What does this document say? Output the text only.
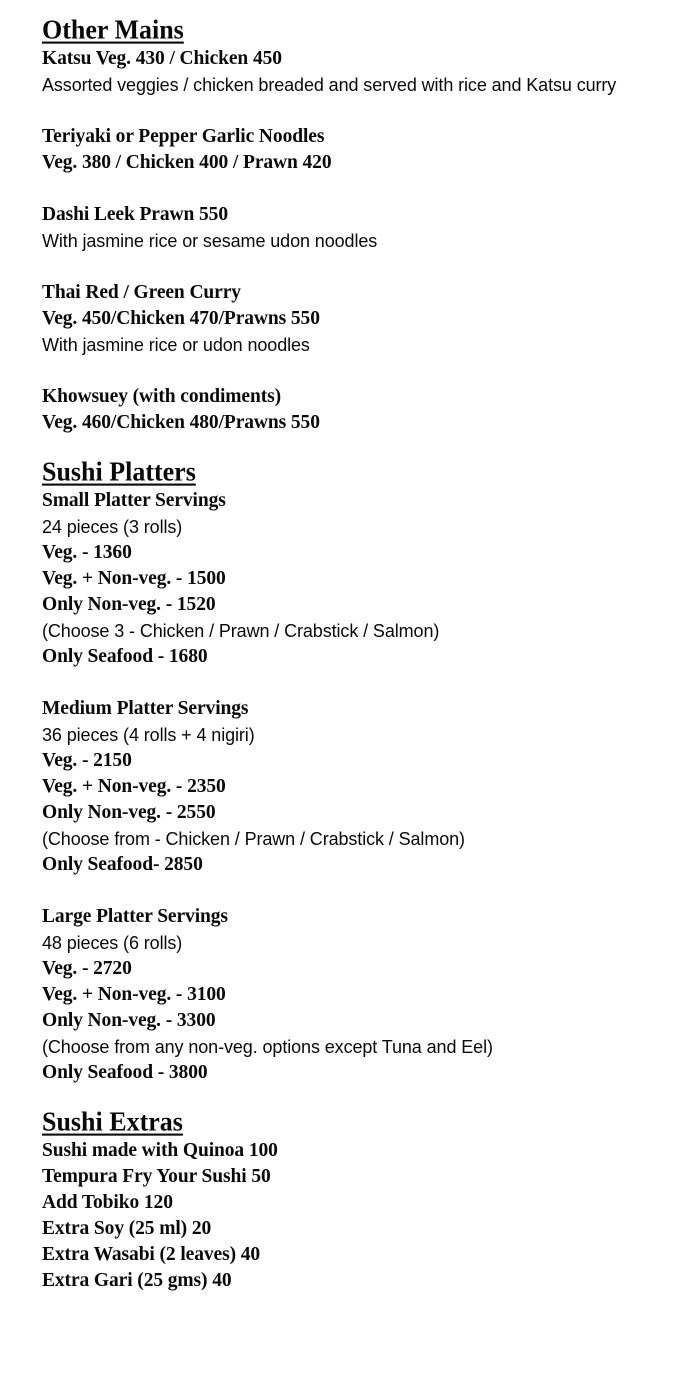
Other Mains
Katsu Veg. 430 / Chicken 450
Assorted veggies / chicken breaded and served with rice and Katsu curry
Teriyaki or Pepper Garlic Noodles
Veg. 380 / Chicken 400 / Prawn 420
Dashi Leek Prawn 550
With jasmine rice or sesame udon noodles
Thai Red / Green Curry
Veg. 450/Chicken 470/Prawns 550
With jasmine rice or udon noodles
Khowsuey (with condiments)
Veg. 460/Chicken 480/Prawns 550
Sushi Platters
Small Platter Servings
24 pieces (3 rolls)
Veg. - 1360
Veg. + Non-veg. - 1500
Only Non-veg. - 1520
(Choose 3 - Chicken / Prawn / Crabstick / Salmon)
Only Seafood - 1680
Medium Platter Servings
36 pieces (4 rolls + 4 nigiri)
Veg. - 2150
Veg. + Non-veg. - 2350
Only Non-veg. - 2550
(Choose from - Chicken / Prawn / Crabstick / Salmon)
Only Seafood- 2850
Large Platter Servings
48 pieces (6 rolls)
Veg. - 2720
Veg. + Non-veg. - 3100
Only Non-veg. - 3300
(Choose from any non-veg. options except Tuna and Eel)
Only Seafood - 3800
Sushi Extras
Sushi made with Quinoa 100
Tempura Fry Your Sushi 50
Add Tobiko 120
Extra Soy (25 ml) 20
Extra Wasabi (2 leaves) 40
Extra Gari (25 gms) 40
